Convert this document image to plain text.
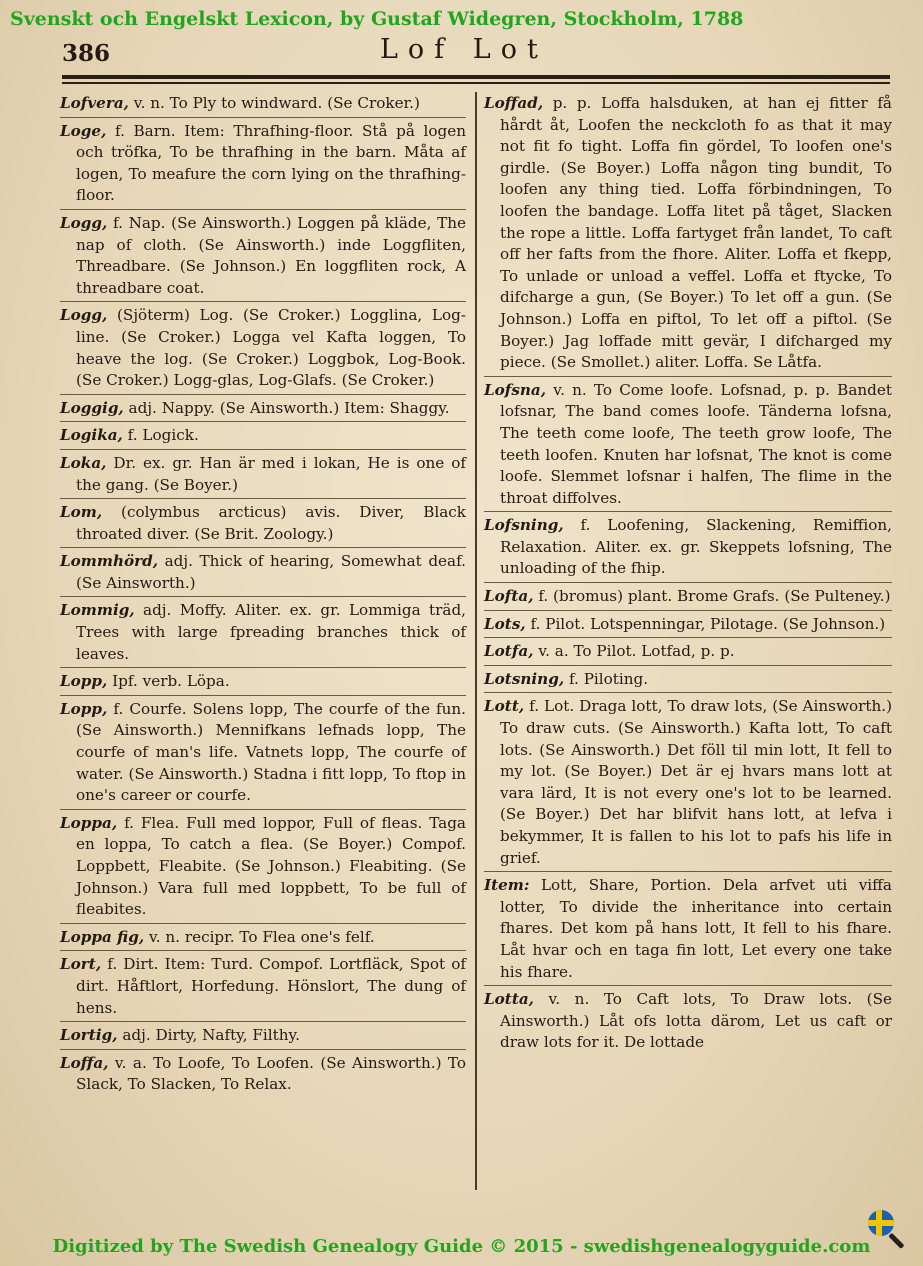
Svenskt och Engelskt Lexicon, by Gustaf Widegren, Stockholm, 1788
386	Lof Lot
Lofvera, v. n. To Ply to windward. (Se Croker.)
Loge, f. Barn. Item: Thrafhing-floor. Stå på logen och tröfka, To be thrafhing in the barn. Måta af logen, To meafure the corn lying on the thrafhing-floor.
Logg, f. Nap. (Se Ainsworth.) Loggen på kläde, The nap of cloth. (Se Ainsworth.) inde Loggfliten, Threadbare. (Se Johnson.) En loggfliten rock, A threadbare coat.
Logg, (Sjöterm) Log. (Se Croker.) Logglina, Log-line. (Se Croker.) Logga vel Kafta loggen, To heave the log. (Se Croker.) Loggbok, Log-Book. (Se Croker.) Logg-glas, Log-Glafs. (Se Croker.)
Loggig, adj. Nappy. (Se Ainsworth.) Item: Shaggy.
Logika, f. Logick.
Loka, Dr. ex. gr. Han är med i lokan, He is one of the gang. (Se Boyer.)
Lom, (colymbus arcticus) avis. Diver, Black throated diver. (Se Brit. Zoology.)
Lommhörd, adj. Thick of hearing, Somewhat deaf. (Se Ainsworth.)
Lommig, adj. Moffy. Aliter. ex. gr. Lommiga träd, Trees with large fpreading branches thick of leaves.
Lopp, Ipf. verb. Löpa.
Lopp, f. Courfe. Solens lopp, The courfe of the fun. (Se Ainsworth.) Mennifkans lefnads lopp, The courfe of man's life. Vatnets lopp, The courfe of water. (Se Ainsworth.) Stadna i fitt lopp, To ftop in one's career or courfe.
Loppa, f. Flea. Full med loppor, Full of fleas. Taga en loppa, To catch a flea. (Se Boyer.) Compof. Loppbett, Fleabite. (Se Johnson.) Fleabiting. (Se Johnson.) Vara full med loppbett, To be full of fleabites.
Loppa fig, v. n. recipr. To Flea one's felf.
Lort, f. Dirt. Item: Turd. Compof. Lortfläck, Spot of dirt. Håftlort, Horfedung. Hönslort, The dung of hens.
Lortig, adj. Dirty, Nafty, Filthy.
Loffa, v. a. To Loofe, To Loofen. (Se Ainsworth.) To Slack, To Slacken, To Relax.
Loffad, p. p. Loffa halsduken, at han ej fitter få hårdt åt, Loofen the neckcloth fo as that it may not fit fo tight. Loffa fin gördel, To loofen one's girdle. (Se Boyer.) Loffa någon ting bundit, To loofen any thing tied. Loffa förbindningen, To loofen the bandage. Loffa litet på tåget, Slacken the rope a little. Loffa fartyget från landet, To caft off her fafts from the fhore. Aliter. Loffa et fkepp, To unlade or unload a veffel. Loffa et ftycke, To difcharge a gun, (Se Boyer.) To let off a gun. (Se Johnson.) Loffa en piftol, To let off a piftol. (Se Boyer.) Jag loffade mitt gevär, I difcharged my piece. (Se Smollet.) aliter. Loffa. Se Låtfa.
Lofsna, v. n. To Come loofe. Lofsnad, p. p. Bandet lofsnar, The band comes loofe. Tänderna lofsna, The teeth come loofe, The teeth grow loofe, The teeth loofen. Knuten har lofsnat, The knot is come loofe. Slemmet lofsnar i halfen, The flime in the throat diffolves.
Lofsning, f. Loofening, Slackening, Remiffion, Relaxation. Aliter. ex. gr. Skeppets lofsning, The unloading of the fhip.
Lofta, f. (bromus) plant. Brome Grafs. (Se Pulteney.)
Lots, f. Pilot. Lotspenningar, Pilotage. (Se Johnson.)
Lotfa, v. a. To Pilot. Lotfad, p. p.
Lotsning, f. Piloting.
Lott, f. Lot. Draga lott, To draw lots, (Se Ainsworth.) To draw cuts. (Se Ainsworth.) Kafta lott, To caft lots. (Se Ainsworth.) Det föll til min lott, It fell to my lot. (Se Boyer.) Det är ej hvars mans lott at vara lärd, It is not every one's lot to be learned. (Se Boyer.) Det har blifvit hans lott, at lefva i bekymmer, It is fallen to his lot to pafs his life in grief.
Item: Lott, Share, Portion. Dela arfvet uti viffa lotter, To divide the inheritance into certain fhares. Det kom på hans lott, It fell to his fhare. Låt hvar och en taga fin lott, Let every one take his fhare.
Lotta, v. n. To Caft lots, To Draw lots. (Se Ainsworth.) Låt ofs lotta därom, Let us caft or draw lots for it. De lottade
Digitized by The Swedish Genealogy Guide © 2015 - swedishgenealogyguide.com
